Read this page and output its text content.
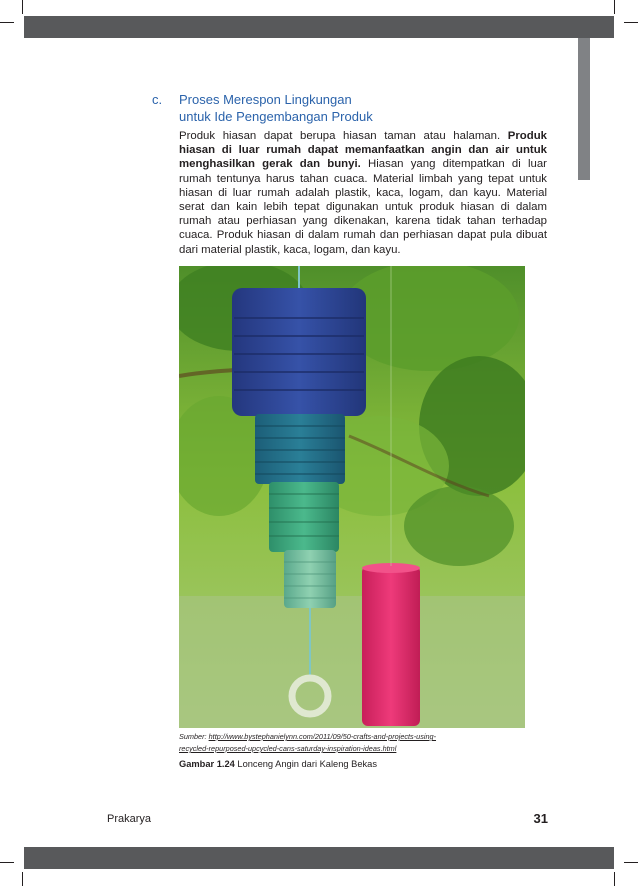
c. Proses Merespon Lingkungan
untuk Ide Pengembangan Produk
Produk hiasan dapat berupa hiasan taman atau halaman. Produk hiasan di luar rumah dapat memanfaatkan angin dan air untuk menghasilkan gerak dan bunyi. Hiasan yang ditempatkan di luar rumah tentunya harus tahan cuaca. Material limbah yang tepat untuk hiasan di luar rumah adalah plastik, kaca, logam, dan kayu. Material serat dan kain lebih tepat digunakan untuk produk hiasan di dalam rumah atau perhiasan yang dikenakan, karena tidak tahan terhadap cuaca. Produk hiasan di dalam rumah dan perhiasan dapat pula dibuat dari material plastik, kaca, logam, dan kayu.
Sumber: http://www.bystephanielynn.com/2011/09/50-crafts-and-projects-using-
recycled-repurposed-upcycled-cans-saturday-inspiration-ideas.html
Gambar 1.24 Lonceng Angin dari Kaleng Bekas
Prakarya	31
